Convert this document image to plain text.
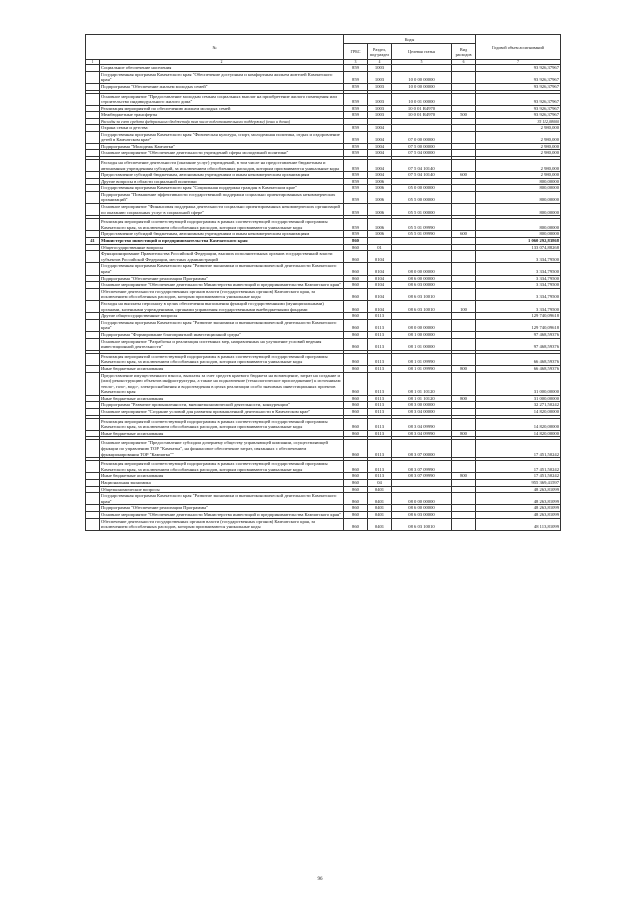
№		Коды				Годовой объем ассигнований
		ГРБС	Раздел, под-раздел	Целевая статья	Вид расходов	
1	2	3	4	5	6	7
	Социальное обеспечение населения	859	1003			93 926,37967
	Государственная программа Камчатского края "Обеспечение доступным и комфортным жильем жителей Камчатского края"	859	1003	10 0 00 00000		93 926,37967
	Подпрограмма "Обеспечение жильем молодых семей"	859	1003	10 0 00 00000		93 926,37967

	Основное мероприятие "Предоставление молодым семьям социальных выплат на приобретение жилого помещения или строительство индивидуального жилого дома"	859	1003	10 0 01 00000		93 926,37967
	Реализация мероприятий по обеспечению жильем молодых семей	859	1003	10 0 01 R4970		93 926,37967
	Межбюджетные трансферты	859	1003	10 0 01 R4970	500	93 926,37967
	Расходы за счет средств федерального бюджета(в том числе подготовительного поддержки) (очно и дочно)					35 112,08000
	Охрана семьи и детства	859	1004			2 980,000
	Государственная программа Камчатского края "Физическая культура, спорт, молодежная политика, отдых и оздоровление детей в Камчатском крае"	859	1004	07 0 00 00000		2 980,000
	Подпрограмма "Молодежь Камчатки"	859	1004	07 5 00 00000		2 980,000
	Основное мероприятие "Обеспечение деятельности учреждений сферы молодежной политики"	859	1004	07 5 04 00000		2 980,000

	Расходы на обеспечение деятельности (оказание услуг) учреждений, в том числе на предоставление бюджетным и автономным учреждениям субсидий, за исключением обособленных расходов, которым присваиваются уникальные коды	859	1004	07 5 04 10140		2 980,000
	Предоставление субсидий бюджетным, автономным учреждениям и иным некоммерческим организациям	859	1004	07 5 04 10140	600	2 980,000
	Другие вопросы в области социальной политики	859	1006			800,00000
	Государственная программа Камчатского края "Социальная поддержка граждан в Камчатском крае"	859	1006	05 0 00 00000		800,00000
	Подпрограмма "Повышение эффективности государственной поддержки социально ориентированных некоммерческих организаций"	859	1006	05 5 00 00000		800,00000
	Основное мероприятие "Финансовая поддержка деятельности социально ориентированных некоммерческих организаций по оказанию социальных услуг в социальной сфере"	859	1006	05 5 01 00000		800,00000

	Реализация мероприятий соответствующей подпрограммы в рамках соответствующей государственной программы Камчатского края, за исключением обособленных расходов, которым присваиваются уникальные коды	859	1006	05 5 01 09990		800,00000
	Предоставление субсидий бюджетным, автономным учреждениям и иным некоммерческим организациям	859	1006	05 5 01 09990	600	800,00000
41	Министерство инвестиций и предпринимательства Камчатского края	860				1 060 292,83868
	Общегосударственные вопросы	860	01			133 074,88268
	Функционирование Правительства Российской Федерации, высших исполнительных органов государственной власти субъектов Российской Федерации, местных администраций	860	0104			3 334,79500
	Государственная программа Камчатского края "Развитие экономики и внешнеэкономической деятельности Камчатского края"	860	0104	08 0 00 00000		3 334,79500
	Подпрограмма "Обеспечение реализации Программы"	860	0104	08 6 00 00000		3 334,79500
	Основное мероприятие "Обеспечение деятельности Министерства инвестиций и предпринимательства Камчатского края"	860	0104	08 6 03 00000		3 334,79500
	Обеспечение деятельности государственных органов власти (государственных органов) Камчатского края, за исключением обособленных расходов, которым присваиваются уникальные коды	860	0104	08 6 03 10010		3 334,79500
	Расходы на выплаты персоналу в целях обеспечения выполнения функций государственными (муниципальными) органами, казенными учреждениями, органами управления государственными внебюджетными фондами	860	0104	08 6 03 10010	100	3 334,79500
	Другие общегосударственные вопросы	860	0113			129 740,09618
	Государственная программа Камчатского края "Развитие экономики и внешнеэкономической деятельности Камчатского края"	860	0113	08 0 00 00000		129 740,09618
	Подпрограмма "Формирование благоприятной инвестиционной среды"	860	0113	08 1 00 00000		97 468,59376
	Основное мероприятие "Разработка и реализация системных мер, направленных на улучшение условий ведения инвестиционной деятельности"	860	0113	08 1 01 00000		97 468,59376

	Реализация мероприятий соответствующей подпрограммы в рамках соответствующей государственной программы Камчатского края, за исключением обособленных расходов, которым присваиваются уникальные коды	860	0113	08 1 01 09990		66 468,59376
	Иные бюджетные ассигнования	860	0113	08 1 01 09990	800	66 468,59376
	Предоставление имущественного взноса, выплаты за счет средств краевого бюджета на возмещение, затрат на создание и (или) реконструкцию объектов инфраструктуры, а также на подключение (технологическое присоединение) к источникам тепло-, газо-, водо-, электроснабжения и водоотведения в целях реализации особо значимых инвестиционных проектов Камчатского края	860	0113	08 1 01 10120		31 000,00000
	Иные бюджетные ассигнования	860	0113	08 1 01 10120	800	31 000,00000
	Подпрограмма "Развитие промышленности, внешнеэкономической деятельности, конкуренции"	860	0113	08 3 00 00000		32 271,50242
	Основное мероприятие "Создание условий для развития промышленной деятельности в Камчатском крае"	860	0113	08 3 04 00000		14 820,00000

	Реализация мероприятий соответствующей подпрограммы в рамках соответствующей государственной программы Камчатского края, за исключением обособленных расходов, которым присваиваются уникальные коды	860	0113	08 3 04 09990		14 820,00000
	Иные бюджетные ассигнования	860	0113	08 3 04 09990	800	14 820,00000

	Основное мероприятие "Предоставление субсидии дочернему обществу управляющей компании, осуществляющей функции по управлению ТОР "Камчатка", на финансовое обеспечение затрат, связанных с обеспечением функционирования ТОР "Камчатка""	860	0113	08 3 07 00000		17 451,50242

	Реализация мероприятий соответствующей подпрограммы в рамках соответствующей государственной программы Камчатского края, за исключением обособленных расходов, которым присваиваются уникальные коды	860	0113	08 3 07 09990		17 451,50242
	Иные бюджетные ассигнования	860	0113	08 3 07 09990	800	17 451,50242
	Национальная экономика	860	04			955 369,41597
	Общеэкономические вопросы	860	0401			48 263,81099
	Государственная программа Камчатского края "Развитие экономики и внешнеэкономической деятельности Камчатского края"	860	0401	08 0 00 00000		48 263,81099
	Подпрограмма "Обеспечение реализации Программы"	860	0401	08 6 00 00000		48 263,81099
	Основное мероприятие "Обеспечение деятельности Министерства инвестиций и предпринимательства Камчатского края"	860	0401	08 6 03 00000		48 263,81099
	Обеспечение деятельности государственных органов власти (государственных органов) Камчатского края, за исключением обособленных расходов, которым присваиваются уникальные коды	860	0401	08 6 03 10010		48 113,81099
96
